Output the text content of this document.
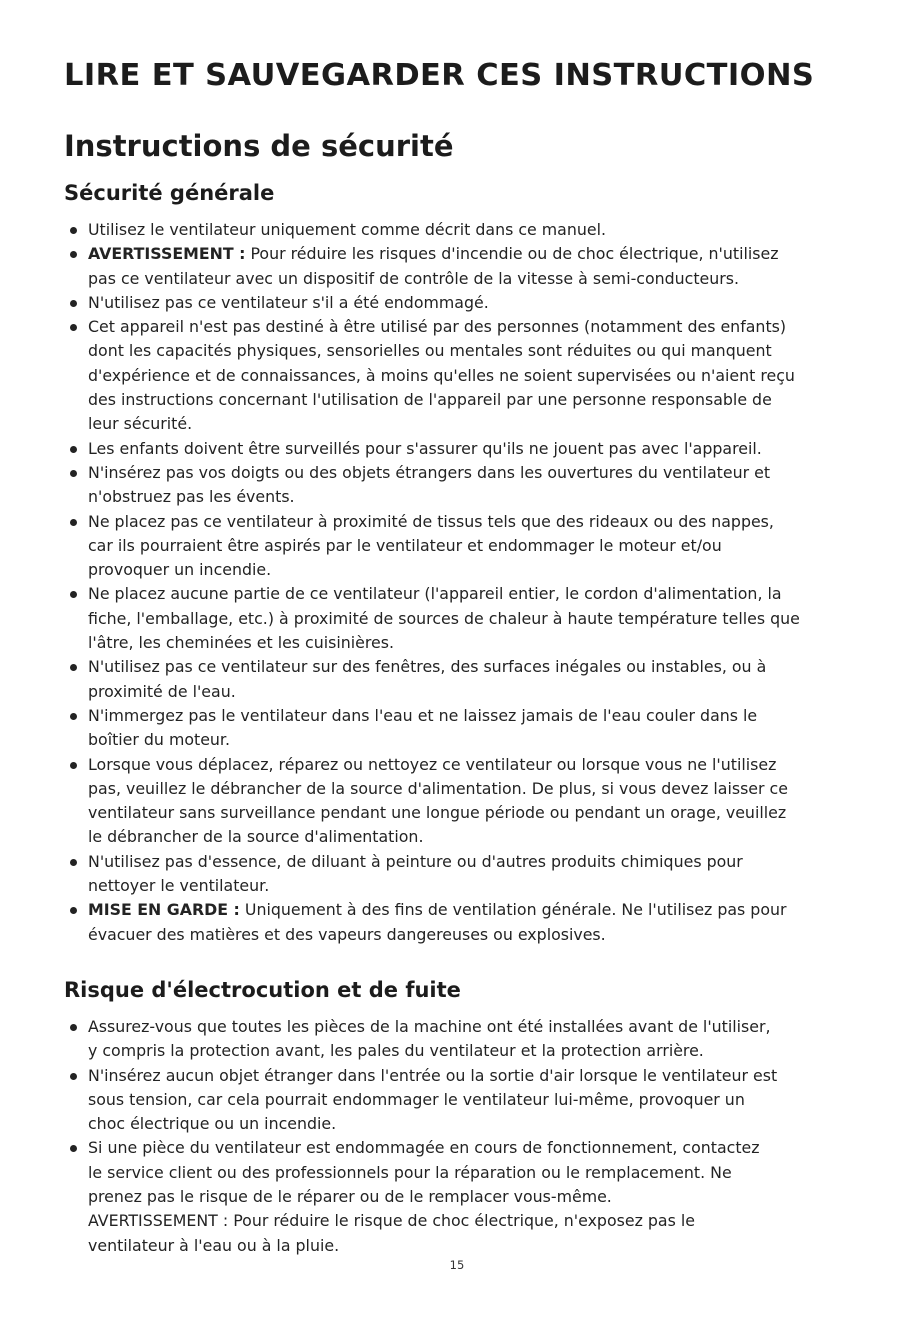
LIRE ET SAUVEGARDER CES INSTRUCTIONS
Instructions de sécurité
Sécurité générale
Utilisez le ventilateur uniquement comme décrit dans ce manuel.
AVERTISSEMENT : Pour réduire les risques d'incendie ou de choc électrique, n'utilisez
pas ce ventilateur avec un dispositif de contrôle de la vitesse à semi-conducteurs.
N'utilisez pas ce ventilateur s'il a été endommagé.
Cet appareil n'est pas destiné à être utilisé par des personnes (notamment des enfants)
dont les capacités physiques, sensorielles ou mentales sont réduites ou qui manquent
d'expérience et de connaissances, à moins qu'elles ne soient supervisées ou n'aient reçu
des instructions concernant l'utilisation de l'appareil par une personne responsable de
leur sécurité.
Les enfants doivent être surveillés pour s'assurer qu'ils ne jouent pas avec l'appareil.
N'insérez pas vos doigts ou des objets étrangers dans les ouvertures du ventilateur et
n'obstruez pas les évents.
Ne placez pas ce ventilateur à proximité de tissus tels que des rideaux ou des nappes,
car ils pourraient être aspirés par le ventilateur et endommager le moteur et/ou
provoquer un incendie.
Ne placez aucune partie de ce ventilateur (l'appareil entier, le cordon d'alimentation, la
fiche, l'emballage, etc.) à proximité de sources de chaleur à haute température telles que
l'âtre, les cheminées et les cuisinières.
N'utilisez pas ce ventilateur sur des fenêtres, des surfaces inégales ou instables, ou à
proximité de l'eau.
N'immergez pas le ventilateur dans l'eau et ne laissez jamais de l'eau couler dans le
boîtier du moteur.
Lorsque vous déplacez, réparez ou nettoyez ce ventilateur ou lorsque vous ne l'utilisez
pas, veuillez le débrancher de la source d'alimentation. De plus, si vous devez laisser ce
ventilateur sans surveillance pendant une longue période ou pendant un orage, veuillez
le débrancher de la source d'alimentation.
N'utilisez pas d'essence, de diluant à peinture ou d'autres produits chimiques pour
nettoyer le ventilateur.
MISE EN GARDE : Uniquement à des fins de ventilation générale. Ne l'utilisez pas pour
évacuer des matières et des vapeurs dangereuses ou explosives.
Risque d'électrocution et de fuite
Assurez-vous que toutes les pièces de la machine ont été installées avant de l'utiliser,
y compris la protection avant, les pales du ventilateur et la protection arrière.
N'insérez aucun objet étranger dans l'entrée ou la sortie d'air lorsque le ventilateur est
sous tension, car cela pourrait endommager le ventilateur lui-même, provoquer un
choc électrique ou un incendie.
Si une pièce du ventilateur est endommagée en cours de fonctionnement, contactez
le service client ou des professionnels pour la réparation ou le remplacement. Ne
prenez pas le risque de le réparer ou de le remplacer vous-même.
AVERTISSEMENT : Pour réduire le risque de choc électrique, n'exposez pas le
ventilateur à l'eau ou à la pluie.
15
